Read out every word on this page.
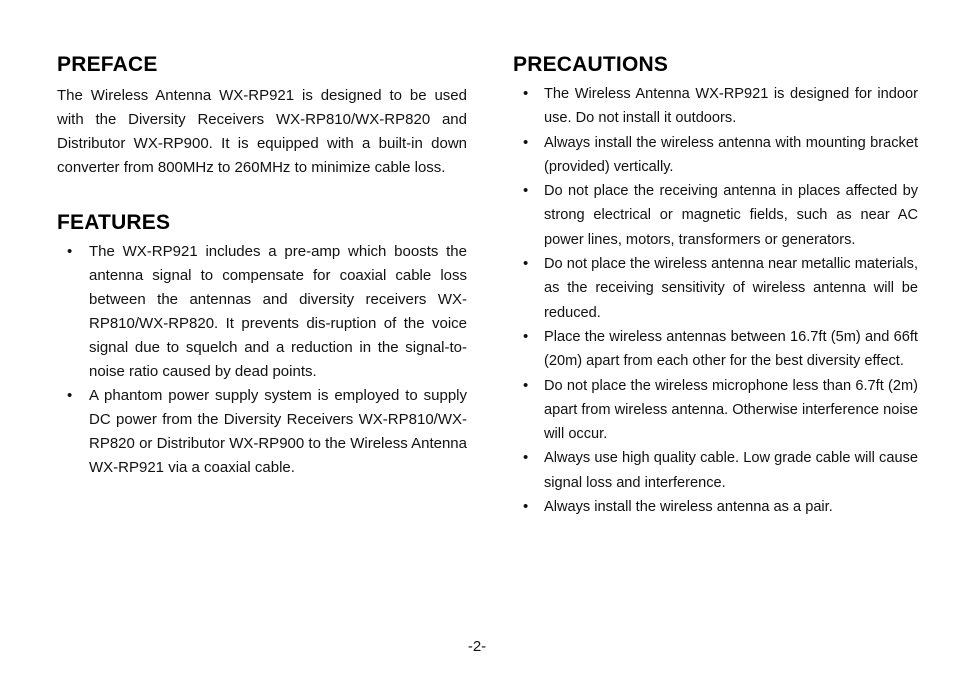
PREFACE

The Wireless Antenna WX-RP921 is designed to be used with the Diversity Receivers WX-RP810/WX-RP820 and Distributor WX-RP900. It is equipped with a built-in down converter from 800MHz to 260MHz to minimize cable loss.

FEATURES
• The WX-RP921 includes a pre-amp which boosts the antenna signal to compensate for coaxial cable loss between the antennas and diversity receivers WX-RP810/WX-RP820. It prevents dis-ruption of the voice signal due to squelch and a reduction in the signal-to-noise ratio caused by dead points.
• A phantom power supply system is employed to supply DC power from the Diversity Receivers WX-RP810/WX-RP820 or Distributor WX-RP900 to the Wireless Antenna WX-RP921 via a coaxial cable.
PRECAUTIONS
• The Wireless Antenna WX-RP921 is designed for indoor use. Do not install it outdoors.
• Always install the wireless antenna with mounting bracket (provided) vertically.
• Do not place the receiving antenna in places affected by strong electrical or magnetic fields, such as near AC power lines, motors, transformers or generators.
• Do not place the wireless antenna near metallic materials, as the receiving sensitivity of wireless antenna will be reduced.
• Place the wireless antennas between 16.7ft (5m) and 66ft (20m) apart from each other for the best diversity effect.
• Do not place the wireless microphone less than 6.7ft (2m) apart from wireless antenna. Otherwise interference noise will occur.
• Always use high quality cable. Low grade cable will cause signal loss and interference.
• Always install the wireless antenna as a pair.
-2-
